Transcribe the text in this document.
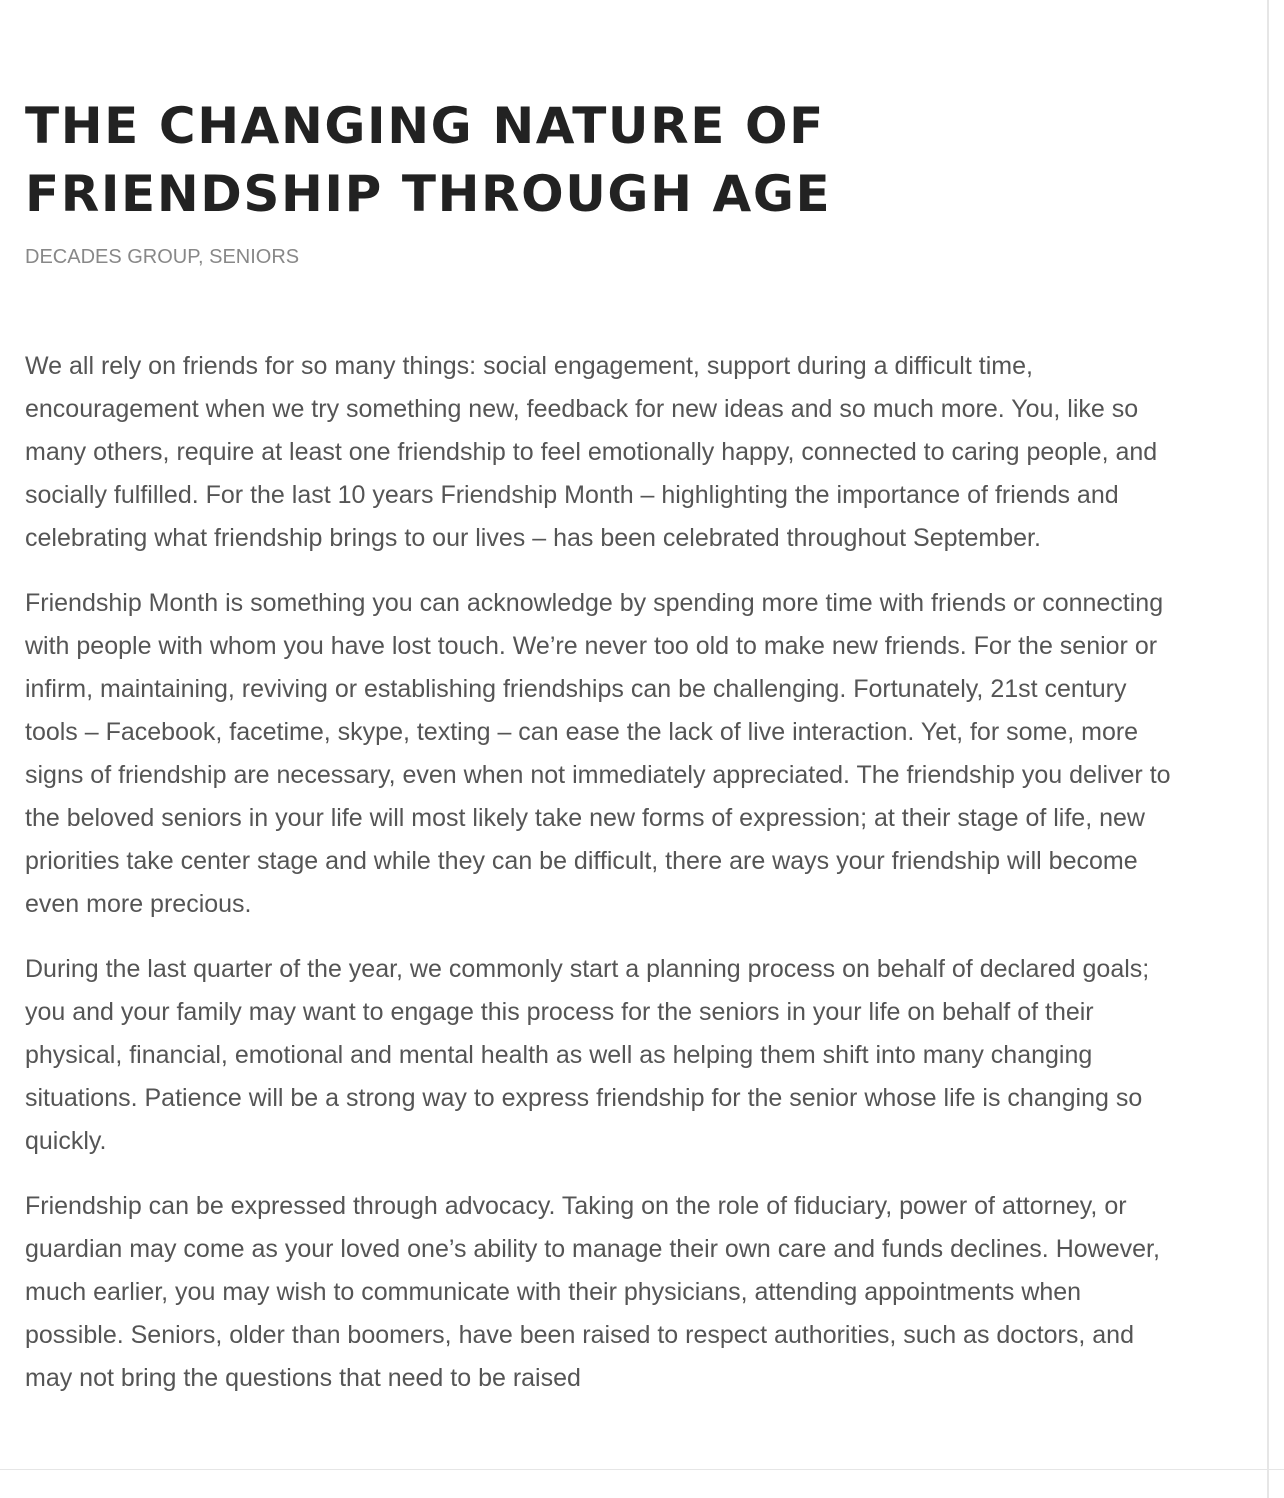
THE CHANGING NATURE OF FRIENDSHIP THROUGH AGE
DECADES GROUP, SENIORS

We all rely on friends for so many things: social engagement, support during a difficult time, encouragement when we try something new, feedback for new ideas and so much more. You, like so many others, require at least one friendship to feel emotionally happy, connected to caring people, and socially fulfilled. For the last 10 years Friendship Month – highlighting the importance of friends and celebrating what friendship brings to our lives – has been celebrated throughout September.

Friendship Month is something you can acknowledge by spending more time with friends or connecting with people with whom you have lost touch. We’re never too old to make new friends. For the senior or infirm, maintaining, reviving or establishing friendships can be challenging. Fortunately, 21st century tools – Facebook, facetime, skype, texting – can ease the lack of live interaction. Yet, for some, more signs of friendship are necessary, even when not immediately appreciated. The friendship you deliver to the beloved seniors in your life will most likely take new forms of expression; at their stage of life, new priorities take center stage and while they can be difficult, there are ways your friendship will become even more precious.

During the last quarter of the year, we commonly start a planning process on behalf of declared goals; you and your family may want to engage this process for the seniors in your life on behalf of their physical, financial, emotional and mental health as well as helping them shift into many changing situations. Patience will be a strong way to express friendship for the senior whose life is changing so quickly.

Friendship can be expressed through advocacy. Taking on the role of fiduciary, power of attorney, or guardian may come as your loved one’s ability to manage their own care and funds declines. However, much earlier, you may wish to communicate with their physicians, attending appointments when possible. Seniors, older than boomers, have been raised to respect authorities, such as doctors, and may not bring the questions that need to be raised
